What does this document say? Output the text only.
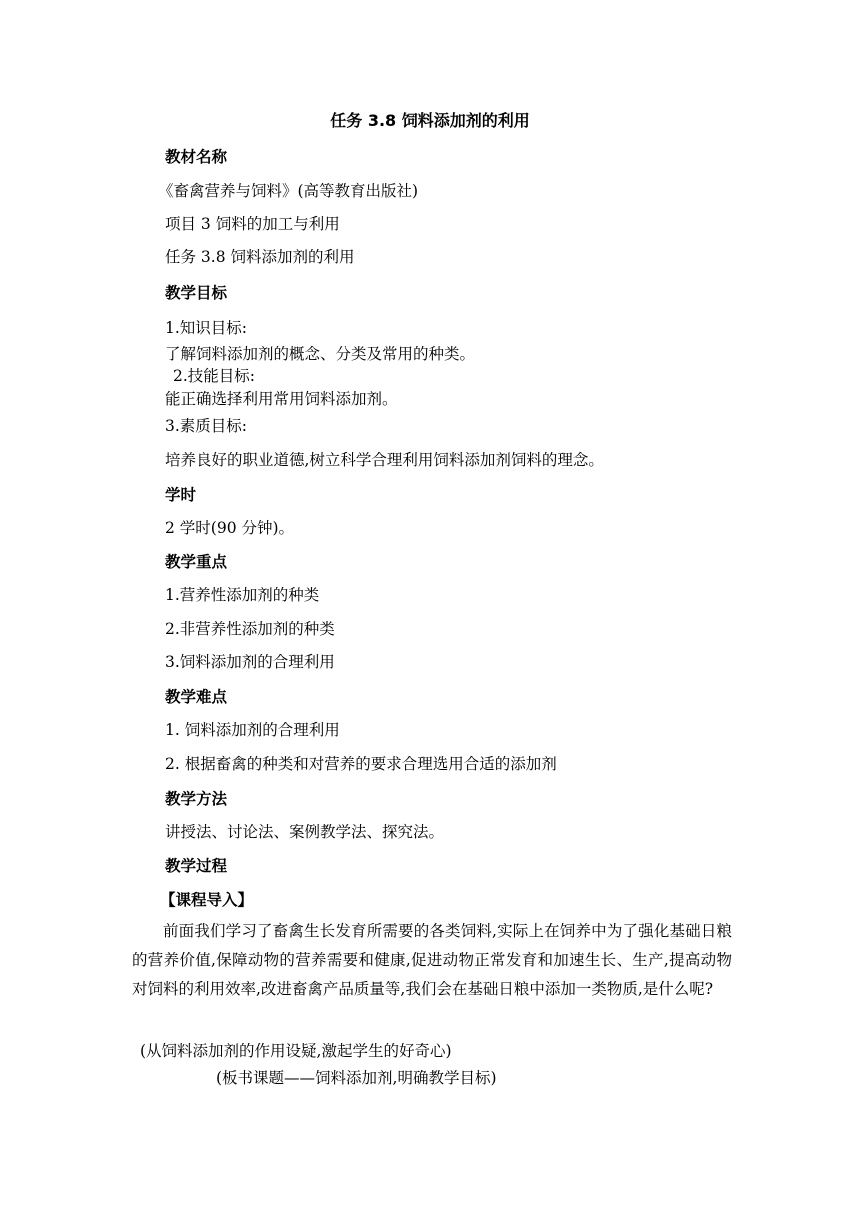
任务 3.8 饲料添加剂的利用
教材名称
《畜禽营养与饲料》(高等教育出版社)
项目 3 饲料的加工与利用
任务 3.8 饲料添加剂的利用
教学目标
1.知识目标:
了解饲料添加剂的概念、分类及常用的种类。
2.技能目标:
能正确选择利用常用饲料添加剂。
3.素质目标:
培养良好的职业道德,树立科学合理利用饲料添加剂饲料的理念。
学时
2 学时(90 分钟)。
教学重点
1.营养性添加剂的种类
2.非营养性添加剂的种类
3.饲料添加剂的合理利用
教学难点
1. 饲料添加剂的合理利用
2. 根据畜禽的种类和对营养的要求合理选用合适的添加剂
教学方法
讲授法、讨论法、案例教学法、探究法。
教学过程
【课程导入】
前面我们学习了畜禽生长发育所需要的各类饲料,实际上在饲养中为了强化基础日粮的营养价值,保障动物的营养需要和健康,促进动物正常发育和加速生长、生产,提高动物对饲料的利用效率,改进畜禽产品质量等,我们会在基础日粮中添加一类物质,是什么呢?
(从饲料添加剂的作用设疑,激起学生的好奇心)
(板书课题——饲料添加剂,明确教学目标)
